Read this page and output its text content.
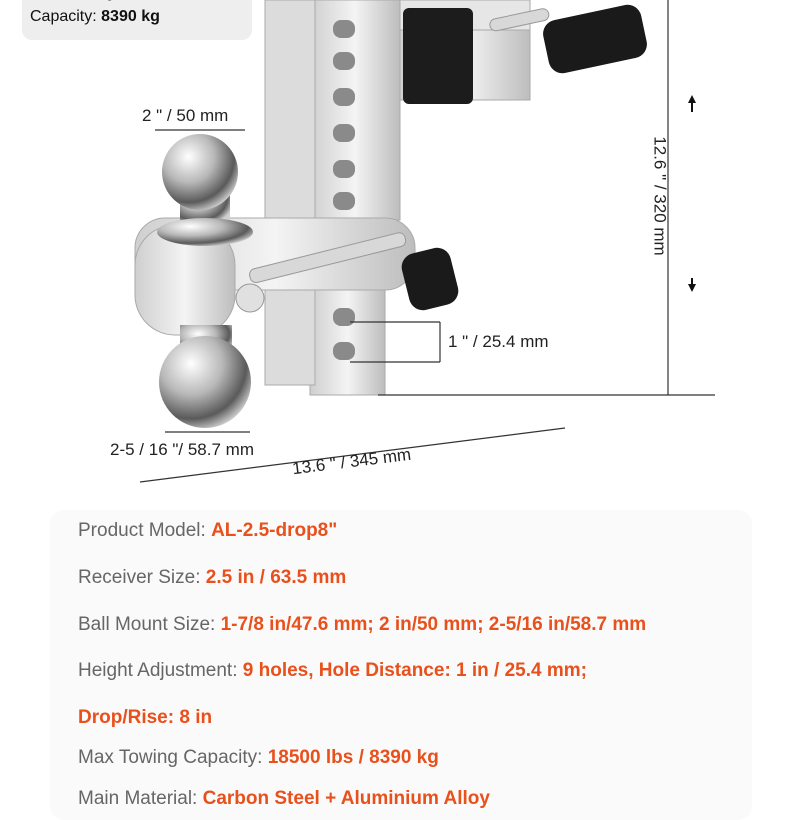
Capacity: 8390 kg
2 " / 50 mm
12.6 " / 320 mm
1 " / 25.4 mm
2-5 / 16 "/ 58.7 mm 13.6 " / 345 mm
Product Model: AL-2.5-drop8"
Receiver Size: 2.5 in / 63.5 mm
Ball Mount Size: 1-7/8 in/47.6 mm; 2 in/50 mm; 2-5/16 in/58.7 mm
Height Adjustment: 9 holes, Hole Distance: 1 in / 25.4 mm;
Drop/Rise: 8 in
Max Towing Capacity: 18500 lbs / 8390 kg
Main Material: Carbon Steel + Aluminium Alloy
